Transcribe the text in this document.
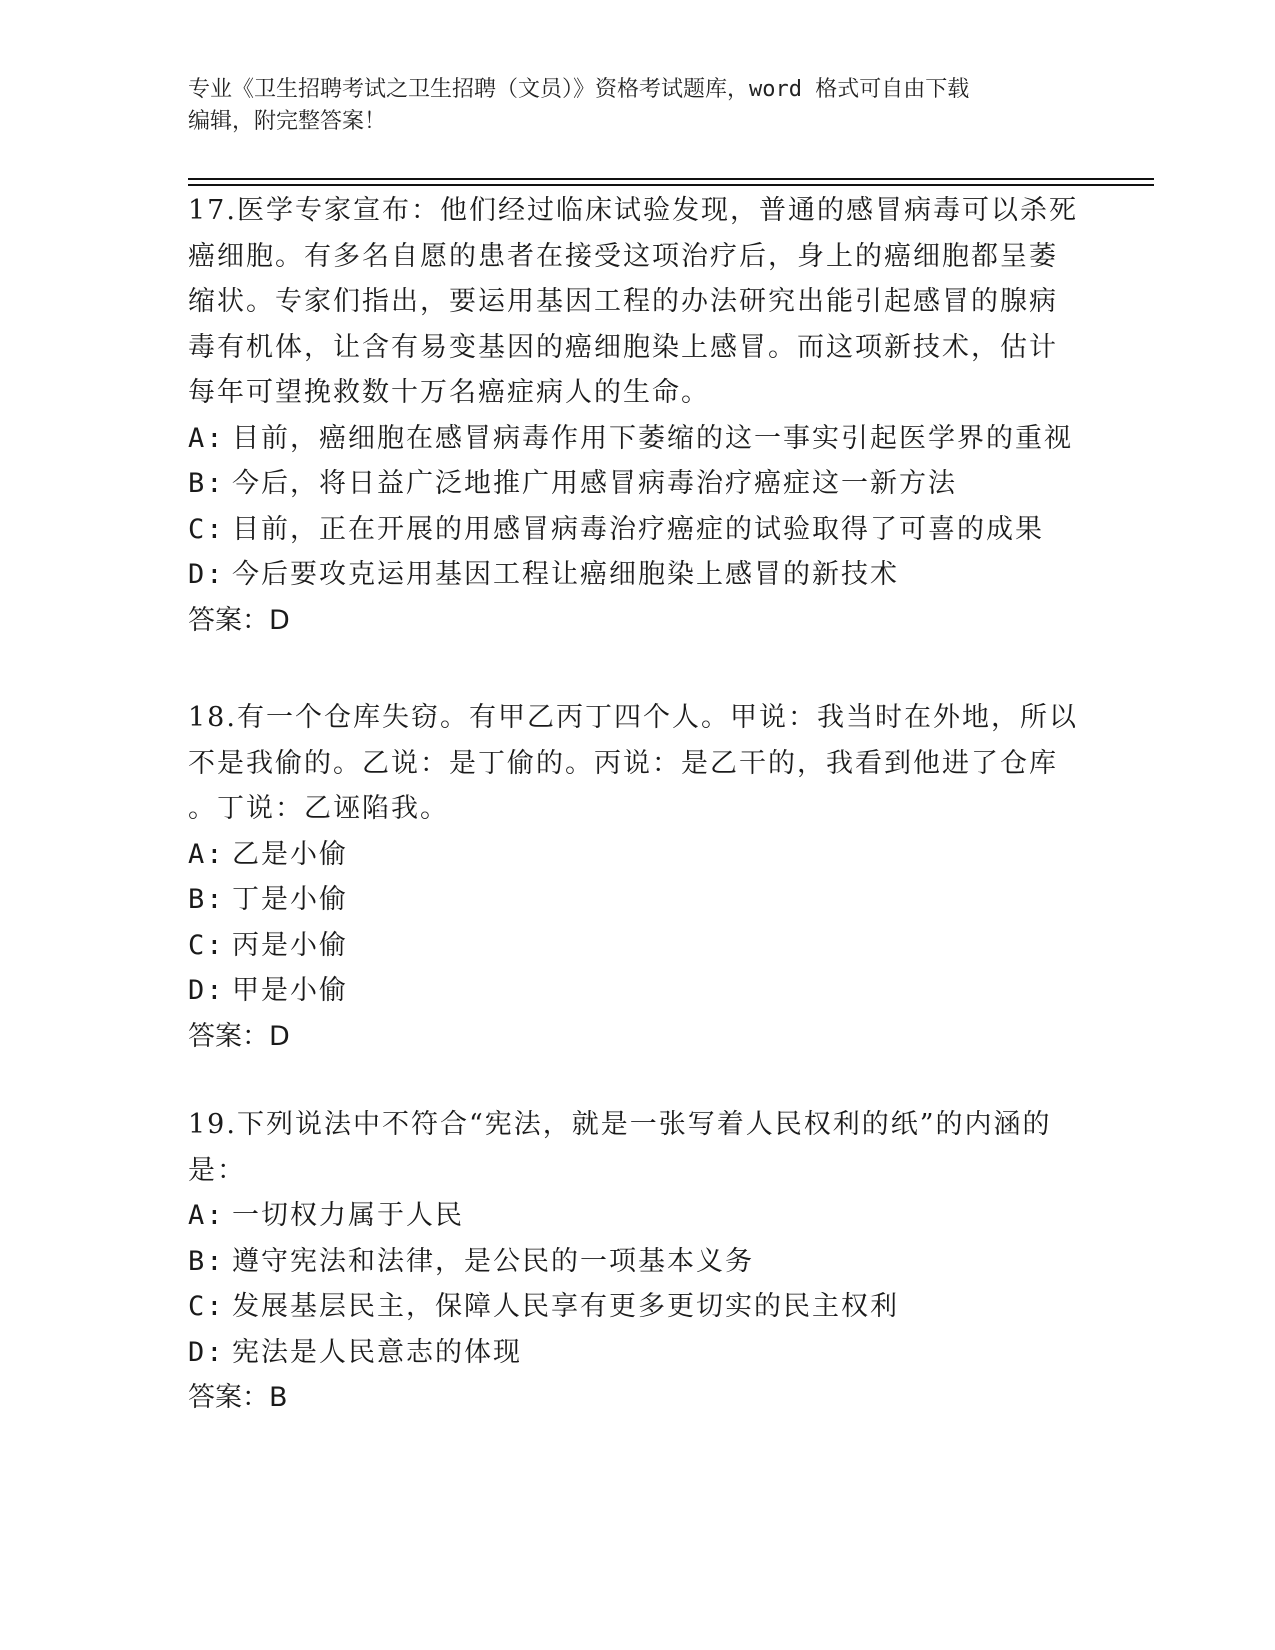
专业《卫生招聘考试之卫生招聘（文员）》资格考试题库，word 格式可自由下载
编辑，附完整答案！

17.医学专家宣布：他们经过临床试验发现，普通的感冒病毒可以杀死

癌细胞。有多名自愿的患者在接受这项治疗后，身上的癌细胞都呈萎

缩状。专家们指出，要运用基因工程的办法研究出能引起感冒的腺病

毒有机体，让含有易变基因的癌细胞染上感冒。而这项新技术，估计

每年可望挽救数十万名癌症病人的生命。

A: 目前，癌细胞在感冒病毒作用下萎缩的这一事实引起医学界的重视

B: 今后，将日益广泛地推广用感冒病毒治疗癌症这一新方法

C: 目前，正在开展的用感冒病毒治疗癌症的试验取得了可喜的成果

D: 今后要攻克运用基因工程让癌细胞染上感冒的新技术

答案：D

18.有一个仓库失窃。有甲乙丙丁四个人。甲说：我当时在外地，所以

不是我偷的。乙说：是丁偷的。丙说：是乙干的，我看到他进了仓库

。丁说：乙诬陷我。

A: 乙是小偷

B: 丁是小偷

C: 丙是小偷

D: 甲是小偷

答案：D

19.下列说法中不符合“宪法，就是一张写着人民权利的纸”的内涵的

是：

A: 一切权力属于人民

B: 遵守宪法和法律，是公民的一项基本义务

C: 发展基层民主，保障人民享有更多更切实的民主权利

D: 宪法是人民意志的体现

答案：B
